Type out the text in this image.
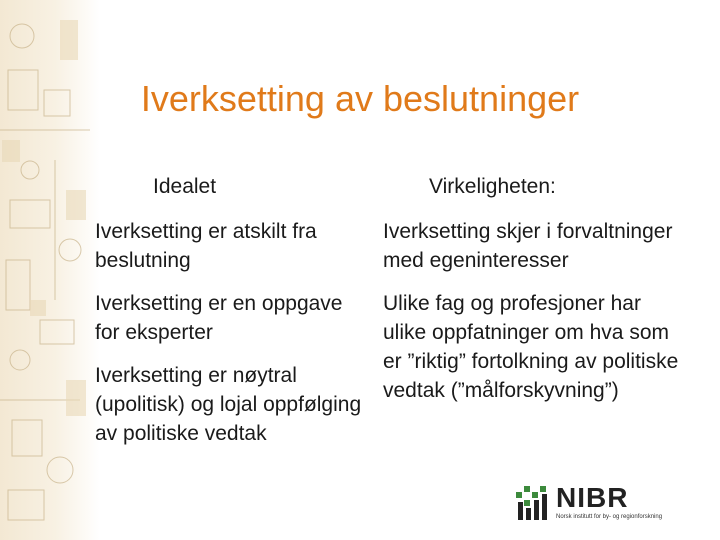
Iverksetting av beslutninger
Idealet
Iverksetting er atskilt fra beslutning
Iverksetting er en oppgave for eksperter
Iverksetting er nøytral (upolitisk) og lojal oppfølging av politiske vedtak
Virkeligheten:
Iverksetting skjer i forvaltninger med egeninteresser
Ulike fag og profesjoner har ulike oppfatninger om hva som er ”riktig” fortolkning av politiske vedtak (”målforskyvning”)
NIBR
Norsk institutt for by- og regionforskning
